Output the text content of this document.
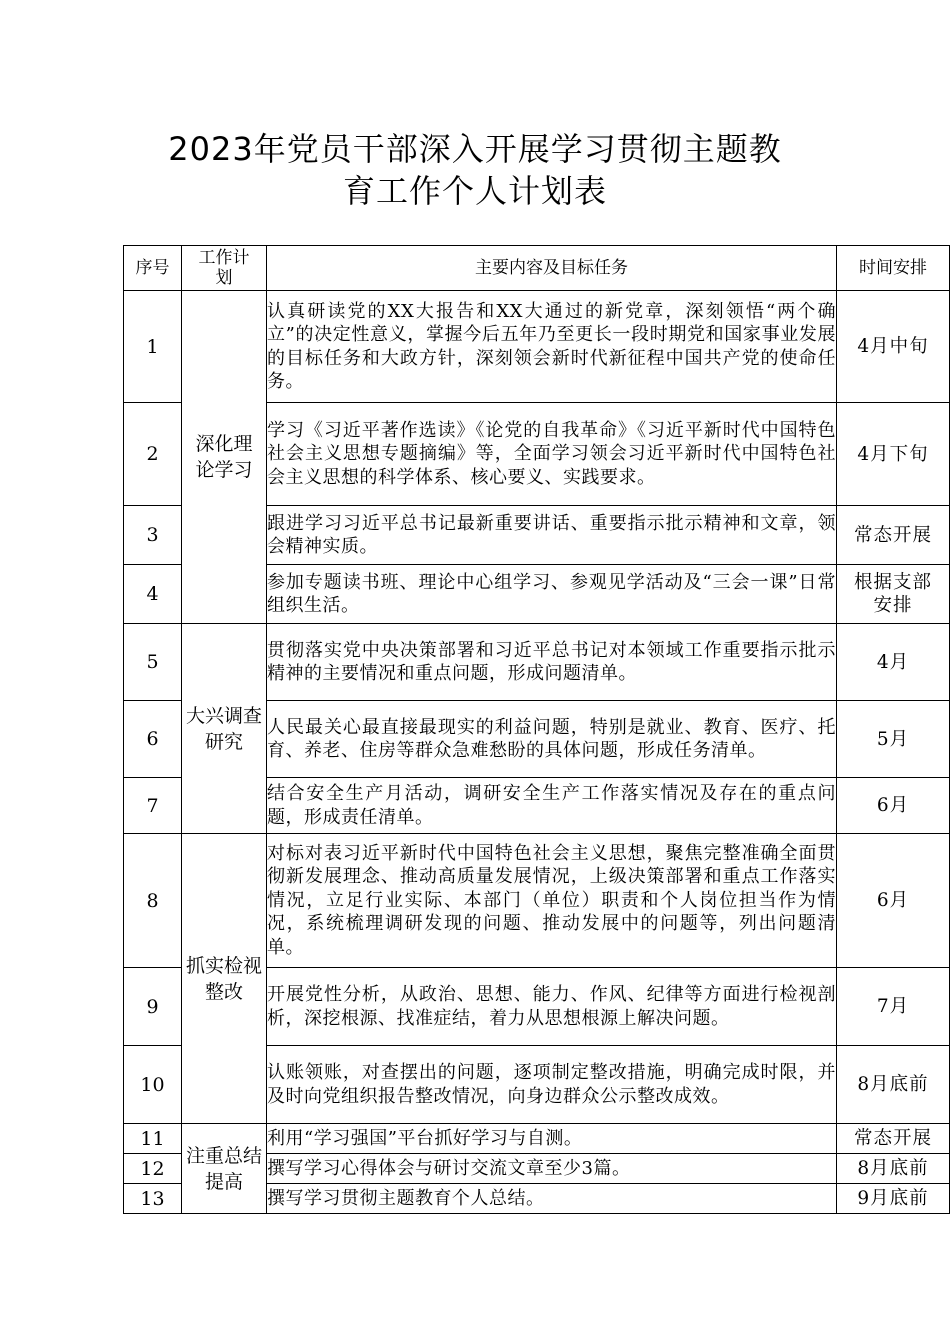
2023年党员干部深入开展学习贯彻主题教
育工作个人计划表
序号	工作计划	主要内容及目标任务	时间安排
1	深化理论学习	认真研读党的XX大报告和XX大通过的新党章，深刻领悟“两个确立”的决定性意义，掌握今后五年乃至更长一段时期党和国家事业发展的目标任务和大政方针，深刻领会新时代新征程中国共产党的使命任务。	4月中旬
2		学习《习近平著作选读》《论党的自我革命》《习近平新时代中国特色社会主义思想专题摘编》等，全面学习领会习近平新时代中国特色社会主义思想的科学体系、核心要义、实践要求。	4月下旬
3		跟进学习习近平总书记最新重要讲话、重要指示批示精神和文章，领会精神实质。	常态开展
4		参加专题读书班、理论中心组学习、参观见学活动及“三会一课”日常组织生活。	根据支部安排
5	大兴调查研究	贯彻落实党中央决策部署和习近平总书记对本领域工作重要指示批示精神的主要情况和重点问题，形成问题清单。	4月
6		人民最关心最直接最现实的利益问题，特别是就业、教育、医疗、托育、养老、住房等群众急难愁盼的具体问题，形成任务清单。	5月
7		结合安全生产月活动，调研安全生产工作落实情况及存在的重点问题，形成责任清单。	6月
8	抓实检视整改	对标对表习近平新时代中国特色社会主义思想，聚焦完整准确全面贯彻新发展理念、推动高质量发展情况，上级决策部署和重点工作落实情况，立足行业实际、本部门（单位）职责和个人岗位担当作为情况，系统梳理调研发现的问题、推动发展中的问题等，列出问题清单。	6月
9		开展党性分析，从政治、思想、能力、作风、纪律等方面进行检视剖析，深挖根源、找准症结，着力从思想根源上解决问题。	7月
10		认账领账，对查摆出的问题，逐项制定整改措施，明确完成时限，并及时向党组织报告整改情况，向身边群众公示整改成效。	8月底前
11	注重总结提高	利用“学习强国”平台抓好学习与自测。	常态开展
12		撰写学习心得体会与研讨交流文章至少3篇。	8月底前
13		撰写学习贯彻主题教育个人总结。	9月底前
